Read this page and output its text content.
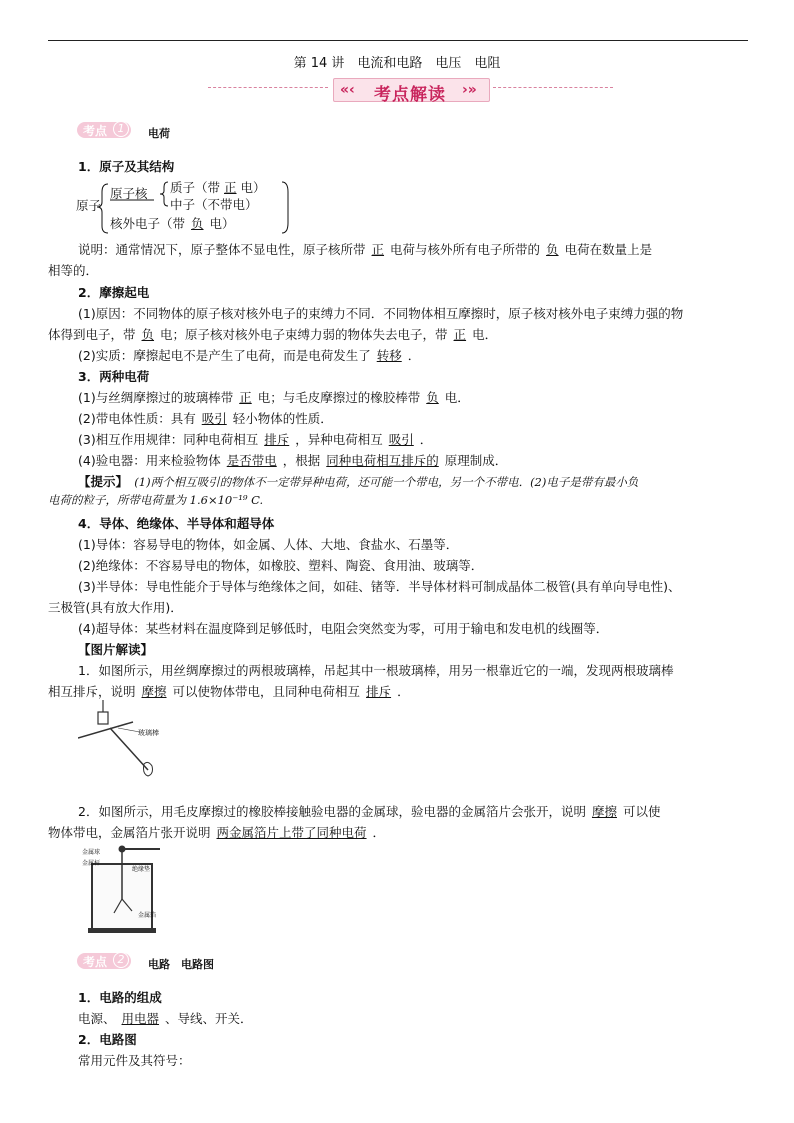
第 14 讲　电流和电路　电压　电阻
«‹ 考点解读 ›»
考点 1	电荷
1．原子及其结构
原子
原子核 质子（带 正 电）
中子（不带电）
核外电子（带 负 电）
说明：通常情况下，原子整体不显电性，原子核所带 正 电荷与核外所有电子所带的 负 电荷在数量上是
相等的．
2．摩擦起电
(1)原因：不同物体的原子核对核外电子的束缚力不同．不同物体相互摩擦时，原子核对核外电子束缚力强的物
体得到电子，带 负 电；原子核对核外电子束缚力弱的物体失去电子，带 正 电．
(2)实质：摩擦起电不是产生了电荷，而是电荷发生了 转移 ．
3．两种电荷
(1)与丝绸摩擦过的玻璃棒带 正 电；与毛皮摩擦过的橡胶棒带 负 电．
(2)带电体性质：具有 吸引 轻小物体的性质．
(3)相互作用规律：同种电荷相互 排斥 ，异种电荷相互 吸引 ．
(4)验电器：用来检验物体 是否带电 ，根据 同种电荷相互排斥的 原理制成．
【提示】　 (1)两个相互吸引的物体不一定带异种电荷，还可能一个带电，另一个不带电．(2)电子是带有最小负
电荷的粒子，所带电荷量为 1.6×10⁻¹⁹ C.
4．导体、绝缘体、半导体和超导体
(1)导体：容易导电的物体，如金属、人体、大地、食盐水、石墨等．
(2)绝缘体：不容易导电的物体，如橡胶、塑料、陶瓷、食用油、玻璃等．
(3)半导体：导电性能介于导体与绝缘体之间，如硅、锗等．半导体材料可制成晶体二极管(具有单向导电性)、
三极管(具有放大作用)．
(4)超导体：某些材料在温度降到足够低时，电阻会突然变为零，可用于输电和发电机的线圈等．
【图片解读】
1．如图所示，用丝绸摩擦过的两根玻璃棒，吊起其中一根玻璃棒，用另一根靠近它的一端，发现两根玻璃棒
相互排斥，说明 摩擦 可以使物体带电，且同种电荷相互 排斥 ．
玻璃棒
2．如图所示，用毛皮摩擦过的橡胶棒接触验电器的金属球，验电器的金属箔片会张开，说明 摩擦 可以使
物体带电，金属箔片张开说明 两金属箔片上带了同种电荷 ．
金属球
金属杆
绝缘垫
金属箔
考点 2	电路　电路图
1．电路的组成
电源、 用电器 、导线、开关．
2．电路图
常用元件及其符号：
